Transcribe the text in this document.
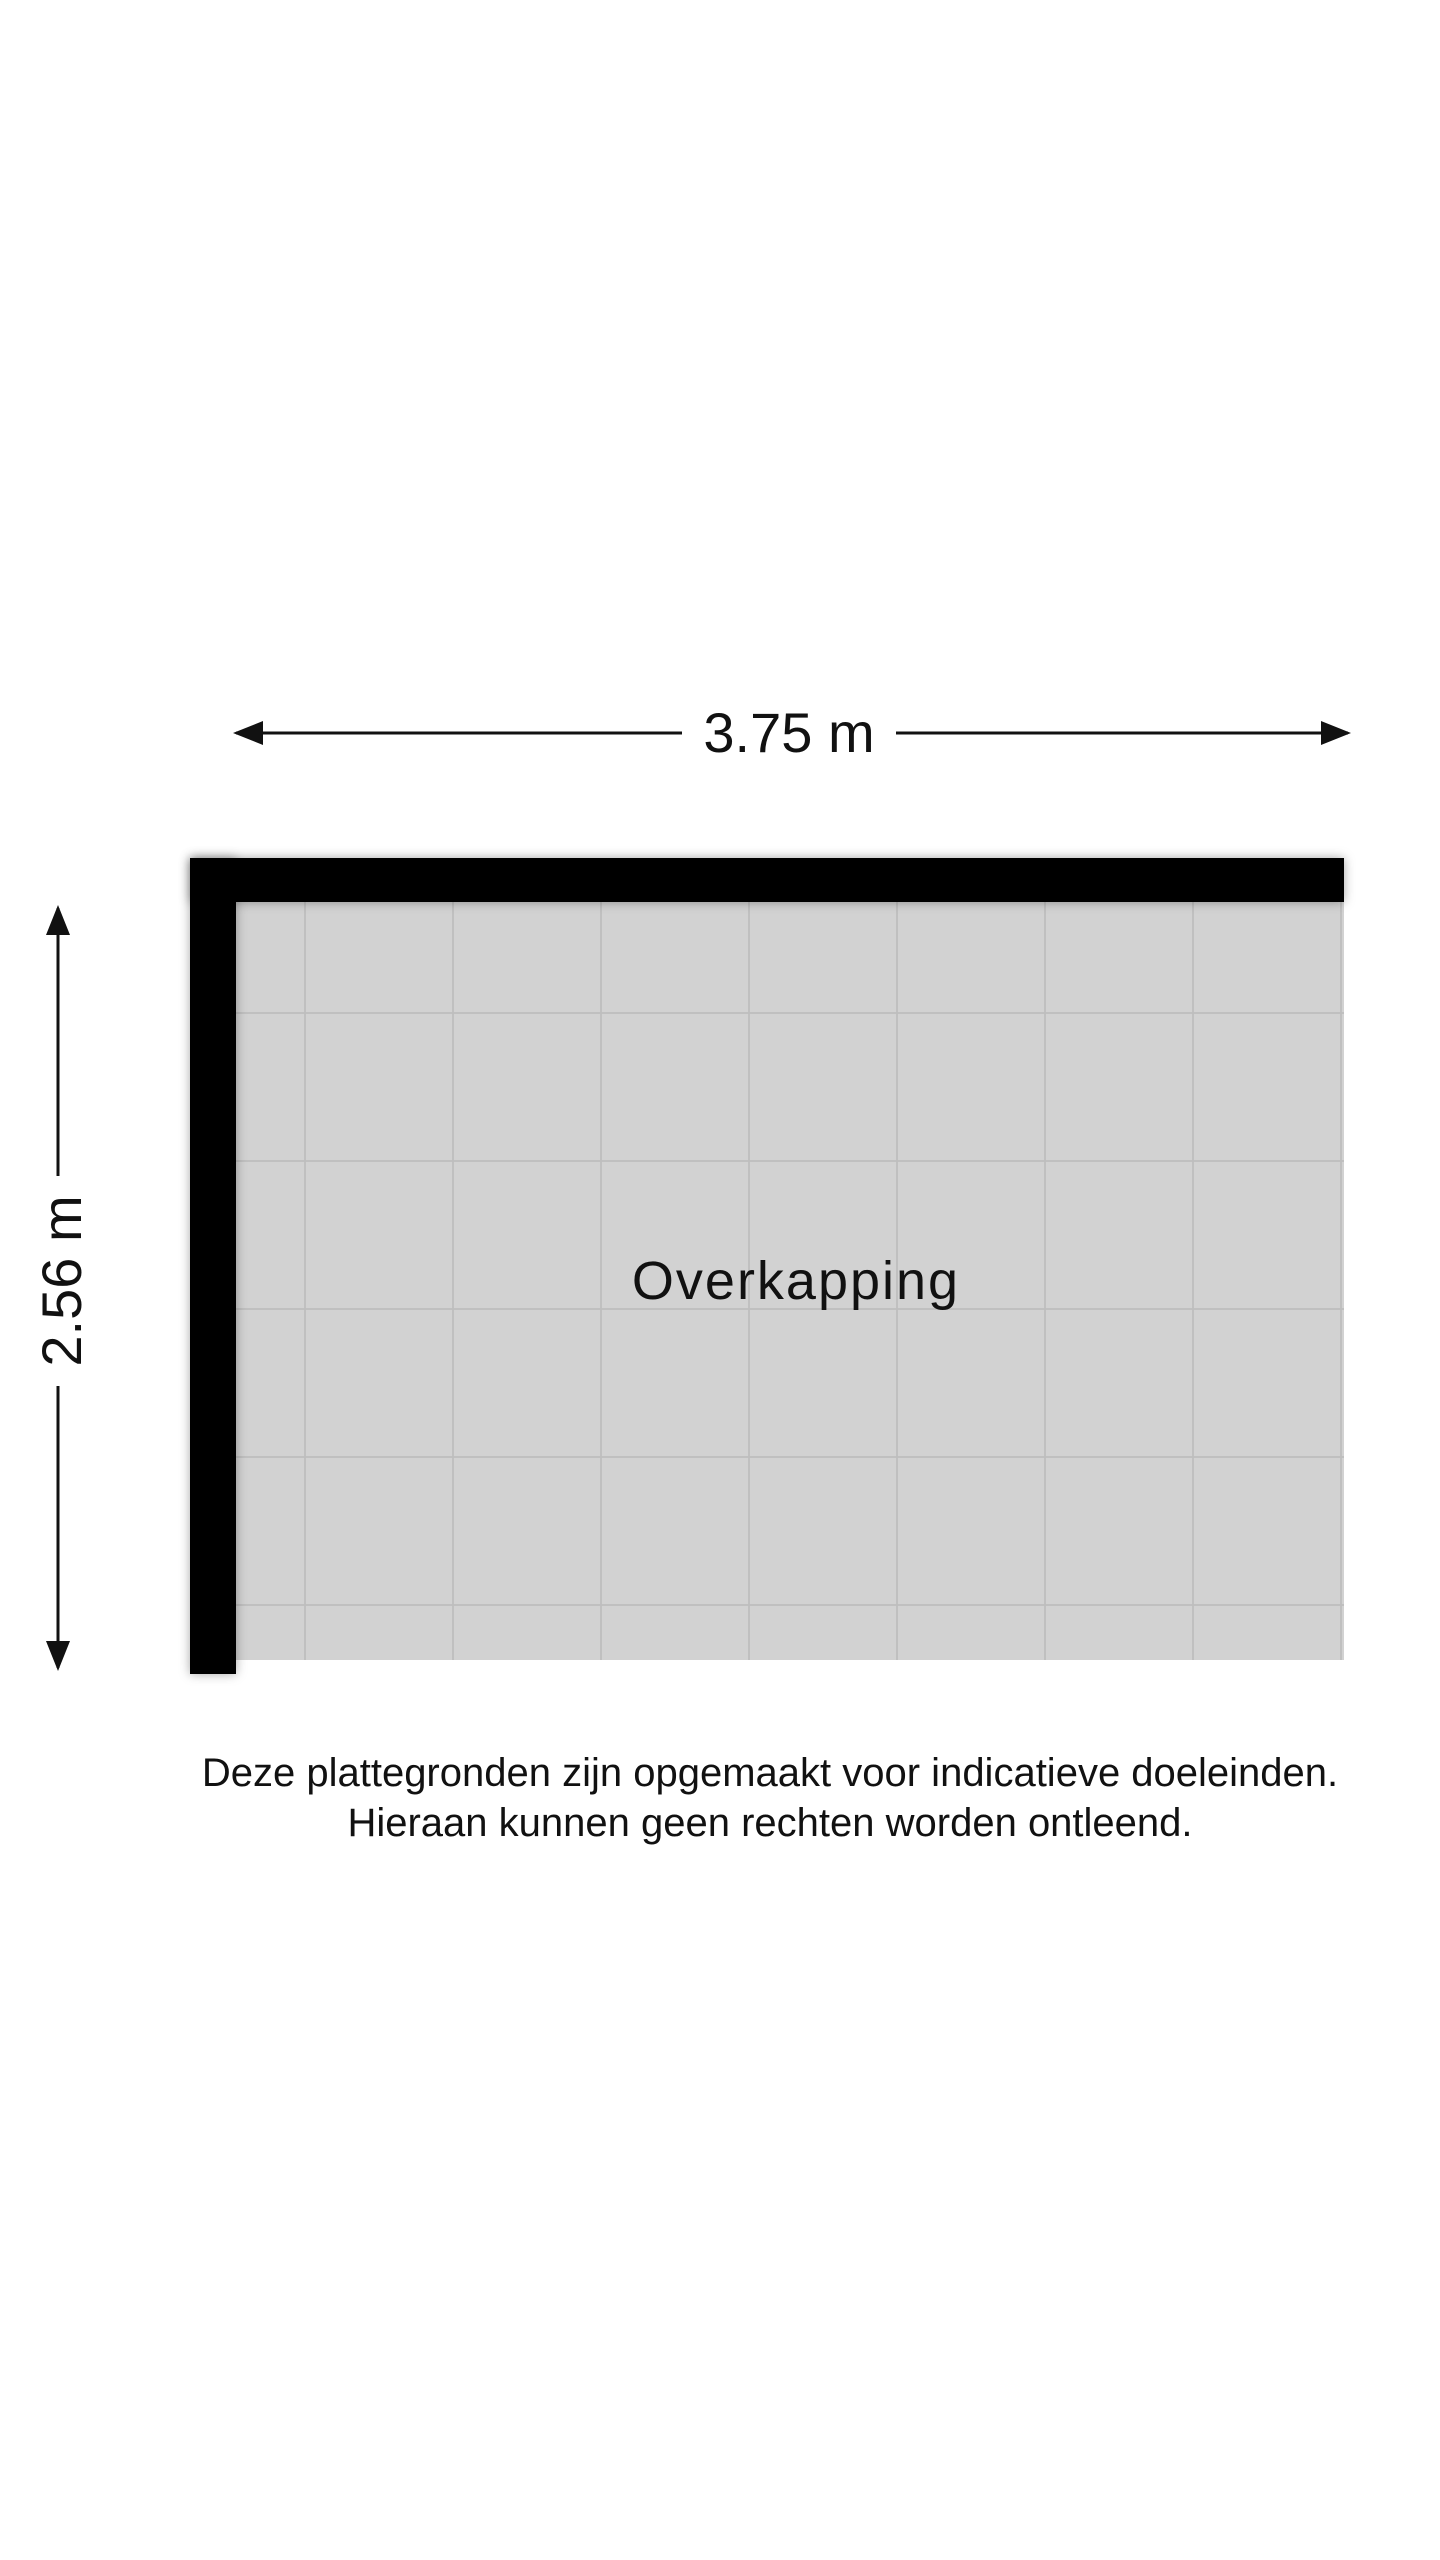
3.75 m
2.56 m	Overkapping
Deze plattegronden zijn opgemaakt voor indicatieve doeleinden.
Hieraan kunnen geen rechten worden ontleend.
